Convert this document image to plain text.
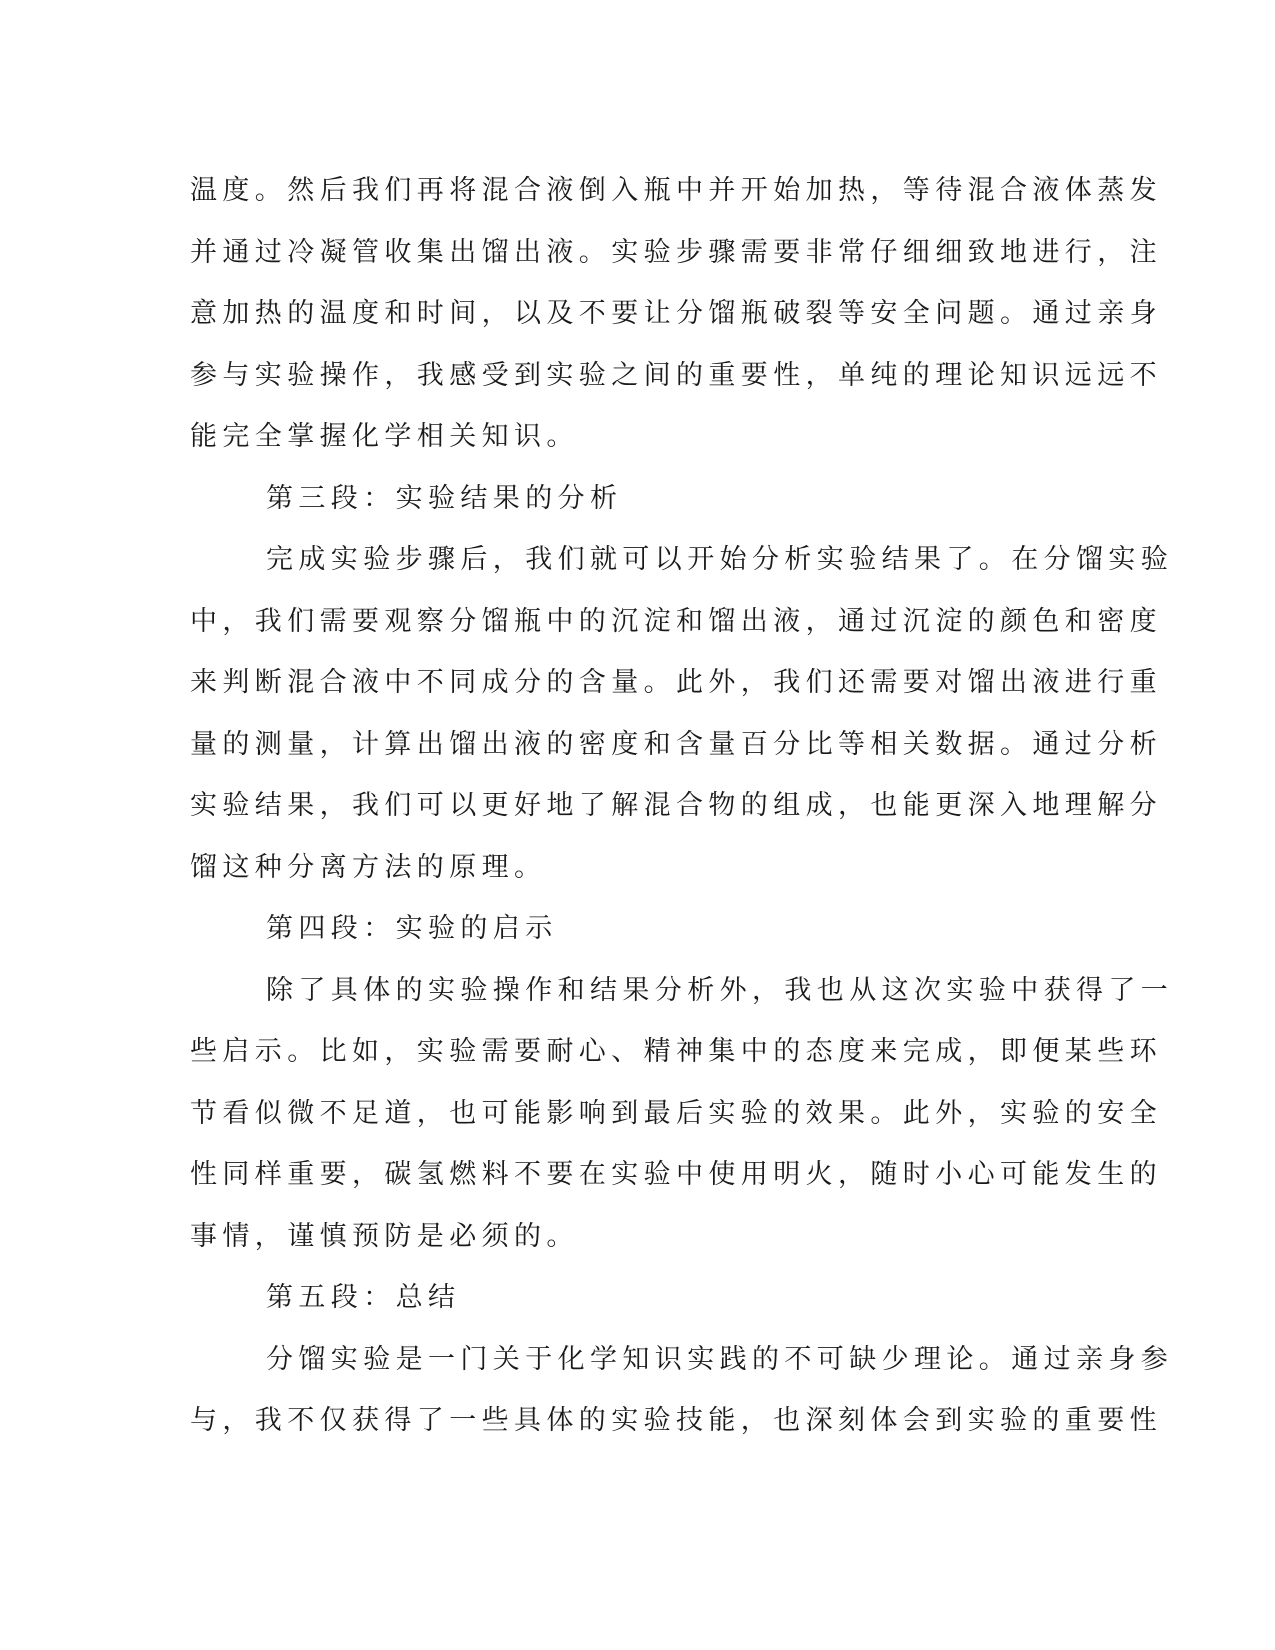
温度。然后我们再将混合液倒入瓶中并开始加热，等待混合液体蒸发
并通过冷凝管收集出馏出液。实验步骤需要非常仔细细致地进行，注
意加热的温度和时间，以及不要让分馏瓶破裂等安全问题。通过亲身
参与实验操作，我感受到实验之间的重要性，单纯的理论知识远远不
能完全掌握化学相关知识。
第三段：实验结果的分析
完成实验步骤后，我们就可以开始分析实验结果了。在分馏实验
中，我们需要观察分馏瓶中的沉淀和馏出液，通过沉淀的颜色和密度
来判断混合液中不同成分的含量。此外，我们还需要对馏出液进行重
量的测量，计算出馏出液的密度和含量百分比等相关数据。通过分析
实验结果，我们可以更好地了解混合物的组成，也能更深入地理解分
馏这种分离方法的原理。
第四段：实验的启示
除了具体的实验操作和结果分析外，我也从这次实验中获得了一
些启示。比如，实验需要耐心、精神集中的态度来完成，即便某些环
节看似微不足道，也可能影响到最后实验的效果。此外，实验的安全
性同样重要，碳氢燃料不要在实验中使用明火，随时小心可能发生的
事情，谨慎预防是必须的。
第五段：总结
分馏实验是一门关于化学知识实践的不可缺少理论。通过亲身参
与，我不仅获得了一些具体的实验技能，也深刻体会到实验的重要性
